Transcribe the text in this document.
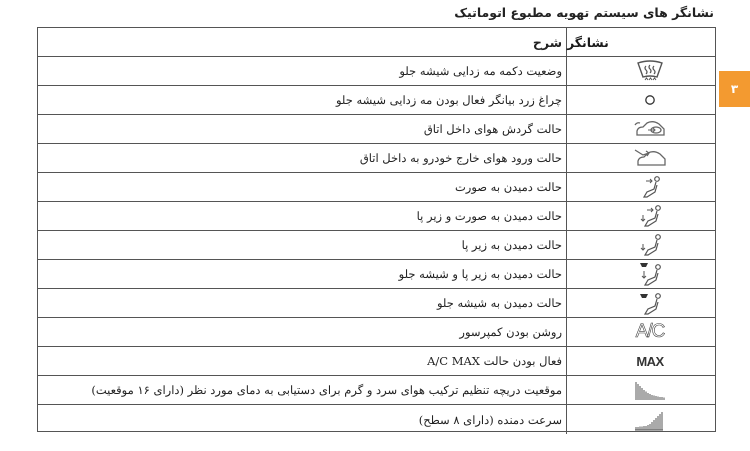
نشانگر های سیستم تهویه مطبوع اتوماتیک
نشانگر
شرح
وضعیت دکمه مه زدایی شیشه جلو
چراغ زرد بیانگر فعال بودن مه زدایی شیشه جلو
حالت گردش هوای داخل اتاق
حالت ورود هوای خارج خودرو به داخل اتاق
حالت دمیدن به صورت
حالت دمیدن به صورت و زیر پا
حالت دمیدن به زیر پا
حالت دمیدن به زیر پا و شیشه جلو
حالت دمیدن به شیشه جلو
A/C
روشن بودن کمپرسور
MAX
فعال بودن حالت A/C MAX
موقعیت دریچه تنظیم ترکیب هوای سرد و گرم برای دستیابی به دمای مورد نظر (دارای ۱۶ موقعیت)
سرعت دمنده (دارای ۸ سطح)
۳
